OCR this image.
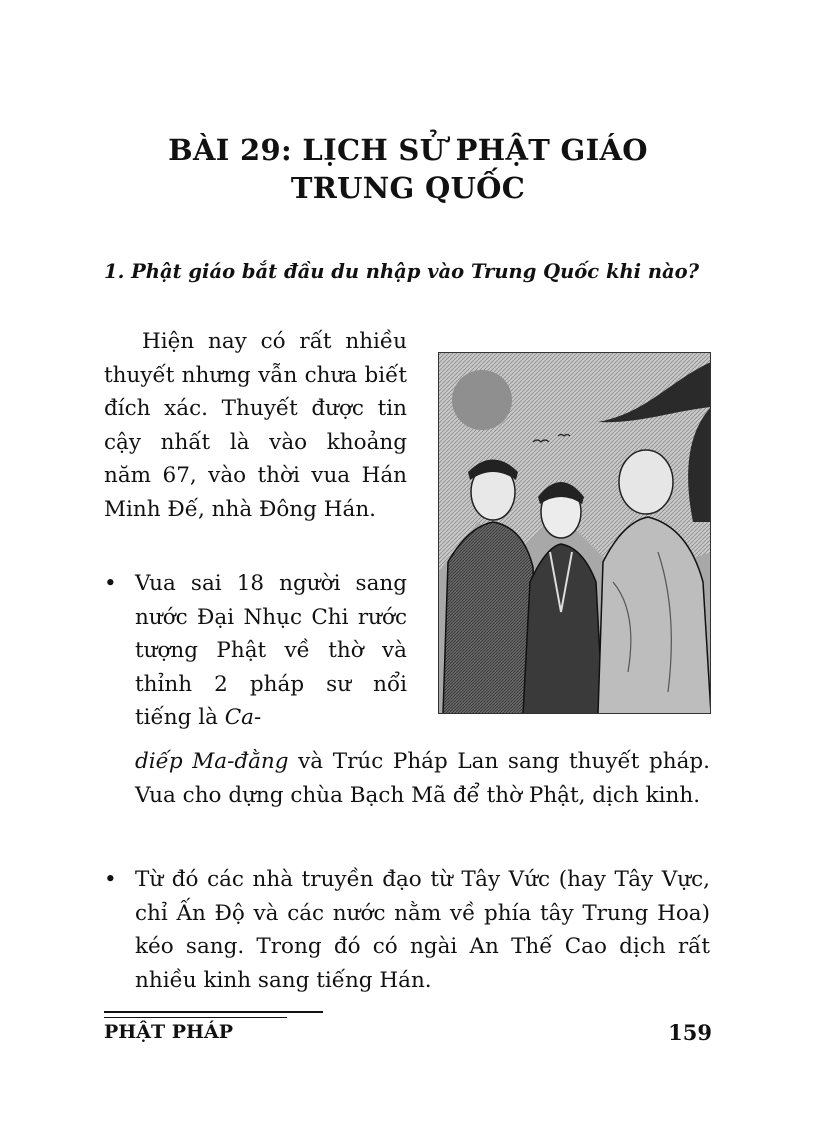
BÀI 29: LỊCH SỬ PHẬT GIÁO
TRUNG QUỐC
1. Phật giáo bắt đầu du nhập vào Trung Quốc khi nào?

Hiện nay có rất nhiều thuyết nhưng vẫn chưa biết đích xác. Thuyết được tin cậy nhất là vào khoảng năm 67, vào thời vua Hán Minh Đế, nhà Đông Hán.

• Vua sai 18 người sang nước Đại Nhục Chi rước tượng Phật về thờ và thỉnh 2 pháp sư nổi tiếng là Ca-
diếp Ma-đằng và Trúc Pháp Lan sang thuyết pháp. Vua cho dựng chùa Bạch Mã để thờ Phật, dịch kinh.
• Từ đó các nhà truyền đạo từ Tây Vức (hay Tây Vực, chỉ Ấn Độ và các nước nằm về phía tây Trung Hoa) kéo sang. Trong đó có ngài An Thế Cao dịch rất nhiều kinh sang tiếng Hán.
PHẬT PHÁP	159
